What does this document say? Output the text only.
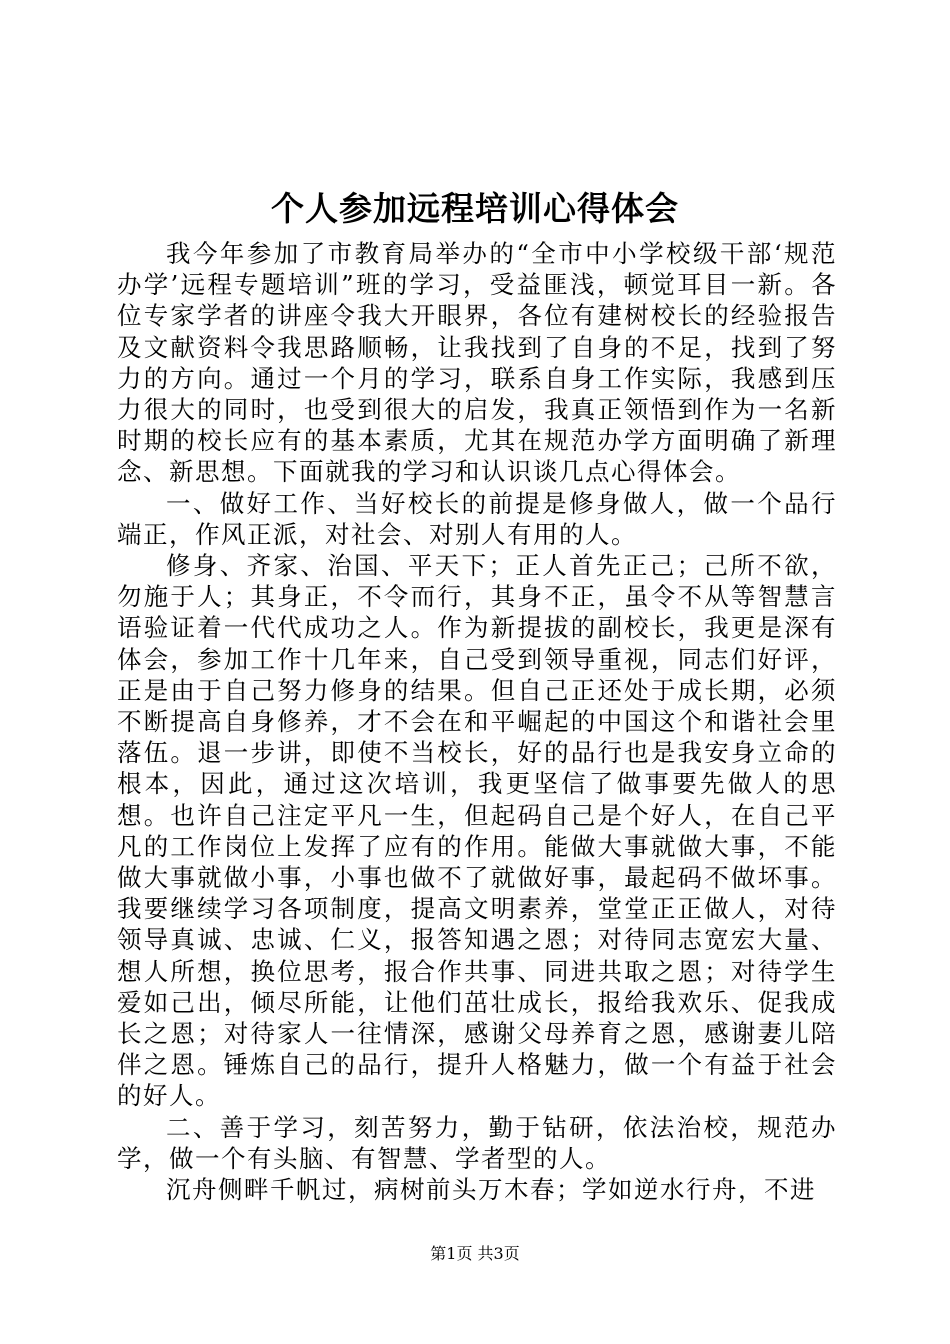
个人参加远程培训心得体会

我今年参加了市教育局举办的“全市中小学校级干部‘规范办学’远程专题培训”班的学习，受益匪浅，顿觉耳目一新。各位专家学者的讲座令我大开眼界，各位有建树校长的经验报告及文献资料令我思路顺畅，让我找到了自身的不足，找到了努力的方向。通过一个月的学习，联系自身工作实际，我感到压力很大的同时，也受到很大的启发，我真正领悟到作为一名新时期的校长应有的基本素质，尤其在规范办学方面明确了新理念、新思想。下面就我的学习和认识谈几点心得体会。

一、做好工作、当好校长的前提是修身做人，做一个品行端正，作风正派，对社会、对别人有用的人。

修身、齐家、治国、平天下；正人首先正己；己所不欲，勿施于人；其身正，不令而行，其身不正，虽令不从等智慧言语验证着一代代成功之人。作为新提拔的副校长，我更是深有体会，参加工作十几年来，自己受到领导重视，同志们好评，正是由于自己努力修身的结果。但自己正还处于成长期，必须不断提高自身修养，才不会在和平崛起的中国这个和谐社会里落伍。退一步讲，即使不当校长，好的品行也是我安身立命的根本，因此，通过这次培训，我更坚信了做事要先做人的思想。也许自己注定平凡一生，但起码自己是个好人，在自己平凡的工作岗位上发挥了应有的作用。能做大事就做大事，不能做大事就做小事，小事也做不了就做好事，最起码不做坏事。我要继续学习各项制度，提高文明素养，堂堂正正做人，对待领导真诚、忠诚、仁义，报答知遇之恩；对待同志宽宏大量、想人所想，换位思考，报合作共事、同进共取之恩；对待学生爱如己出，倾尽所能，让他们茁壮成长，报给我欢乐、促我成长之恩；对待家人一往情深，感谢父母养育之恩，感谢妻儿陪伴之恩。锤炼自己的品行，提升人格魅力，做一个有益于社会的好人。

二、善于学习，刻苦努力，勤于钻研，依法治校，规范办学，做一个有头脑、有智慧、学者型的人。

沉舟侧畔千帆过，病树前头万木春；学如逆水行舟，不进

第1页 共3页
